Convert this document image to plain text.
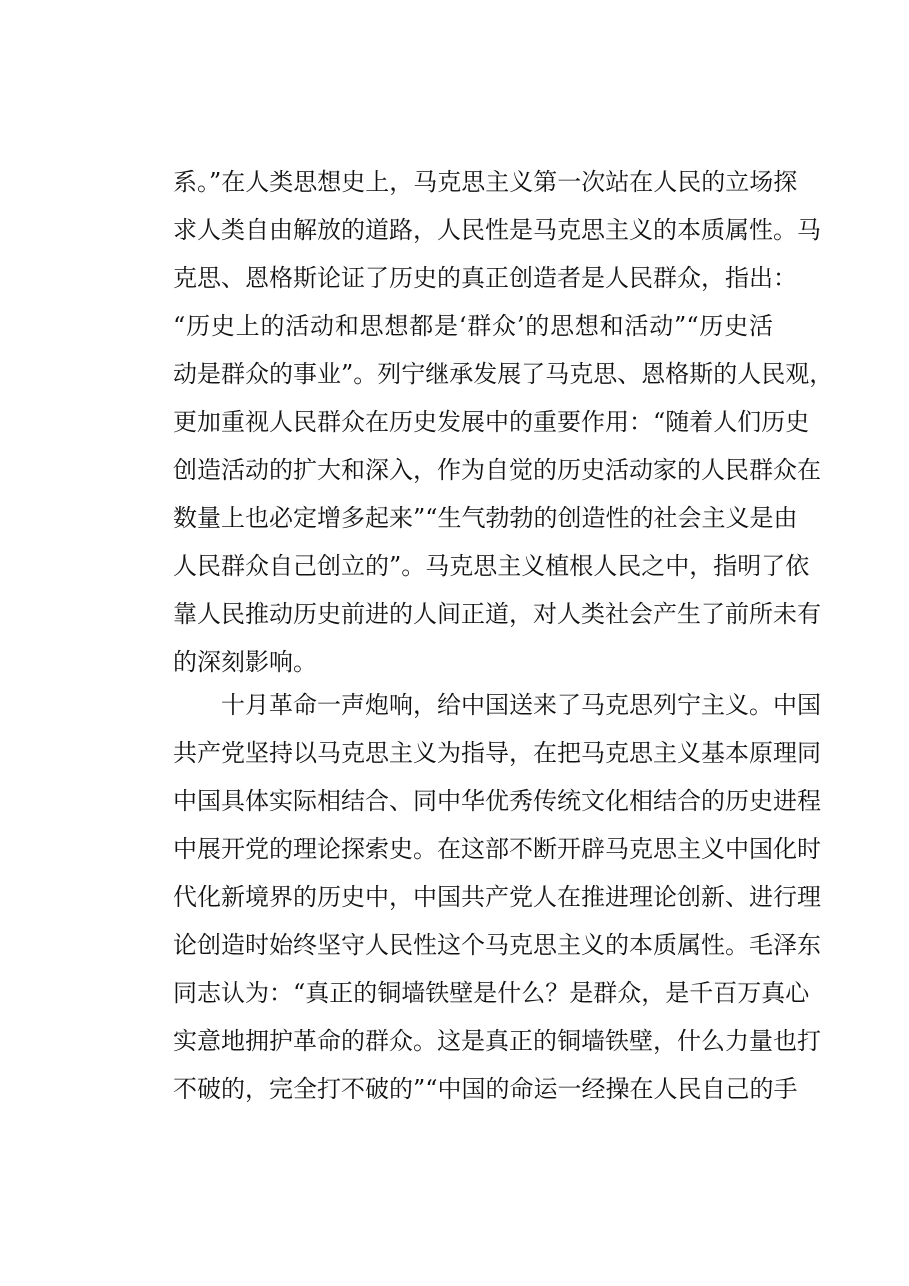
系。”在人类思想史上，马克思主义第一次站在人民的立场探
求人类自由解放的道路，人民性是马克思主义的本质属性。马
克思、恩格斯论证了历史的真正创造者是人民群众，指出：
“历史上的活动和思想都是‘群众’的思想和活动”“历史活
动是群众的事业”。列宁继承发展了马克思、恩格斯的人民观，
更加重视人民群众在历史发展中的重要作用：“随着人们历史
创造活动的扩大和深入，作为自觉的历史活动家的人民群众在
数量上也必定增多起来”“生气勃勃的创造性的社会主义是由
人民群众自己创立的”。马克思主义植根人民之中，指明了依
靠人民推动历史前进的人间正道，对人类社会产生了前所未有
的深刻影响。
十月革命一声炮响，给中国送来了马克思列宁主义。中国
共产党坚持以马克思主义为指导，在把马克思主义基本原理同
中国具体实际相结合、同中华优秀传统文化相结合的历史进程
中展开党的理论探索史。在这部不断开辟马克思主义中国化时
代化新境界的历史中，中国共产党人在推进理论创新、进行理
论创造时始终坚守人民性这个马克思主义的本质属性。毛泽东
同志认为：“真正的铜墙铁壁是什么？是群众，是千百万真心
实意地拥护革命的群众。这是真正的铜墙铁壁，什么力量也打
不破的，完全打不破的”“中国的命运一经操在人民自己的手
